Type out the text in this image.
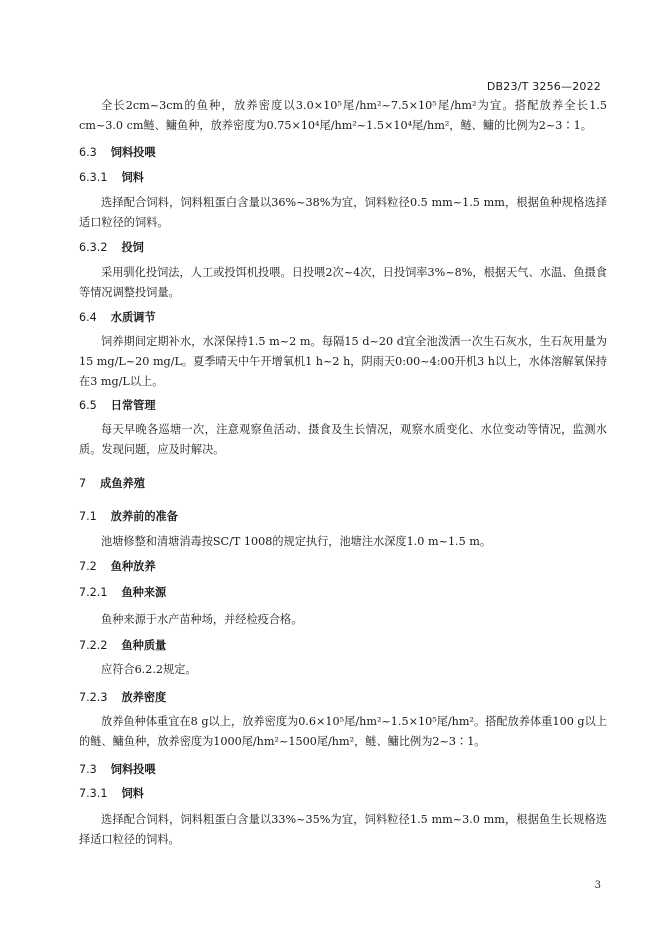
DB23/T 3256—2022

全长2cm~3cm的鱼种，放养密度以3.0×10⁵尾/hm²~7.5×10⁵尾/hm²为宜。搭配放养全长1.5 cm~3.0 cm鲢、鳙鱼种，放养密度为0.75×10⁴尾/hm²~1.5×10⁴尾/hm²，鲢、鳙的比例为2~3∶1。

6.3 饲料投喂
6.3.1 饲料

选择配合饲料，饲料粗蛋白含量以36%~38%为宜，饲料粒径0.5 mm~1.5 mm，根据鱼种规格选择适口粒径的饲料。

6.3.2 投饲

采用驯化投饲法，人工或投饵机投喂。日投喂2次~4次，日投饲率3%~8%，根据天气、水温、鱼摄食等情况调整投饲量。

6.4 水质调节

饲养期间定期补水，水深保持1.5 m~2 m。每隔15 d~20 d宜全池泼洒一次生石灰水，生石灰用量为15 mg/L~20 mg/L。夏季晴天中午开增氧机1 h~2 h，阴雨天0:00~4:00开机3 h以上，水体溶解氧保持在3 mg/L以上。

6.5 日常管理

每天早晚各巡塘一次，注意观察鱼活动、摄食及生长情况，观察水质变化、水位变动等情况，监测水质。发现问题，应及时解决。

7 成鱼养殖
7.1 放养前的准备

池塘修整和清塘消毒按SC/T 1008的规定执行，池塘注水深度1.0 m~1.5 m。

7.2 鱼种放养
7.2.1 鱼种来源

鱼种来源于水产苗种场，并经检疫合格。

7.2.2 鱼种质量

应符合6.2.2规定。

7.2.3 放养密度

放养鱼种体重宜在8 g以上，放养密度为0.6×10⁵尾/hm²~1.5×10⁵尾/hm²。搭配放养体重100 g以上的鲢、鳙鱼种，放养密度为1000尾/hm²~1500尾/hm²，鲢、鳙比例为2~3∶1。

7.3 饲料投喂
7.3.1 饲料

选择配合饲料，饲料粗蛋白含量以33%~35%为宜，饲料粒径1.5 mm~3.0 mm，根据鱼生长规格选择适口粒径的饲料。

3
